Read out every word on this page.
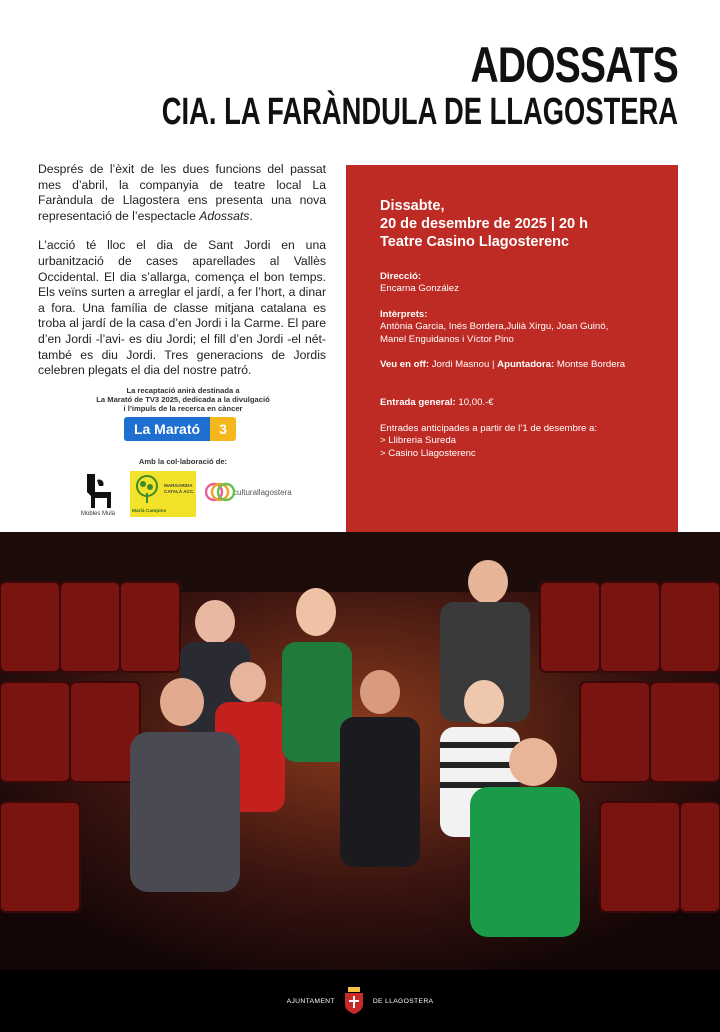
ADOSSATS
CIA. LA FARÀNDULA DE LLAGOSTERA

Després de l’èxit de les dues funcions del passat mes d’abril, la companyia de teatre local La Faràndula de Llagostera ens presenta una nova representació de l’espectacle Adossats.

L’acció té lloc el dia de Sant Jordi en una urbanització de cases aparellades al Vallès Occidental. El dia s’allarga, comença el bon temps. Els veïns surten a arreglar el jardí, a fer l’hort, a dinar a fora. Una família de classe mitjana catalana es troba al jardí de la casa d’en Jordi i la Carme. El pare d’en Jordi -l’avi- es diu Jordi; el fill d’en Jordi -el nét- també es diu Jordi. Tres generacions de Jordis celebren plegats el dia del nostre patró.

La recaptació anirà destinada a
La Marató de TV3 2025, dedicada a la divulgació
i l’impuls de la recerca en càncer
La Marató	3
Amb la col·laboració de:
Mobles Mulà	Marià Campins
MARGARIDA
CATALÀ ACC.	culturallagostera
Dissabte,
20 de desembre de 2025 | 20 h
Teatre Casino Llagosterenc
Direcció:
Encarna González
Intèrprets:
Antònia Garcia, Inés Bordera,Julià Xirgu, Joan Guinó,
Manel Enguidanos i Víctor Pino
Veu en off: Jordi Masnou | Apuntadora: Montse Bordera
Entrada general: 10,00.-€
Entrades anticipades a partir de l’1 de desembre a:
> Llibreria Sureda
> Casino Llagosterenc
AJUNTAMENT	DE LLAGOSTERA
